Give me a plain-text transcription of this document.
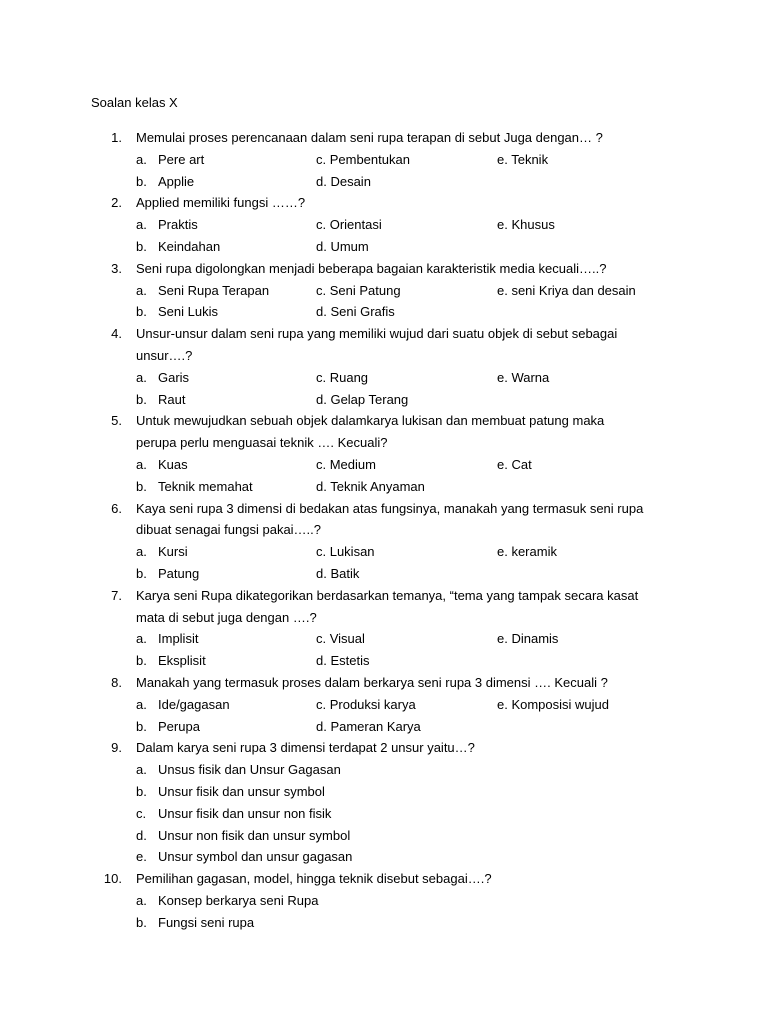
Soalan kelas X
1. Memulai proses perencanaan dalam seni rupa terapan di sebut Juga dengan… ?
a. Pere art	c. Pembentukan	e. Teknik
b. Applie	d. Desain
2. Applied memiliki fungsi ……?
a. Praktis	c. Orientasi	e. Khusus
b. Keindahan	d. Umum
3. Seni rupa digolongkan menjadi beberapa bagaian karakteristik media kecuali…..?
a. Seni Rupa Terapan	c. Seni Patung	e. seni Kriya dan desain
b. Seni Lukis	d. Seni Grafis
4. Unsur-unsur dalam seni rupa yang memiliki wujud dari suatu objek di sebut sebagai
unsur….?
a. Garis	c. Ruang	e. Warna
b. Raut	d. Gelap Terang
5. Untuk mewujudkan sebuah objek dalamkarya lukisan dan membuat patung maka
perupa perlu menguasai teknik …. Kecuali?
a. Kuas	c. Medium	e. Cat
b. Teknik memahat	d. Teknik Anyaman
6. Kaya seni rupa 3 dimensi di bedakan atas fungsinya, manakah yang termasuk seni rupa
dibuat senagai fungsi pakai…..?
a. Kursi	c. Lukisan	e. keramik
b. Patung	d. Batik
7. Karya seni Rupa dikategorikan berdasarkan temanya, “tema yang tampak secara kasat
mata di sebut juga dengan ….?
a. Implisit	c. Visual	e. Dinamis
b. Eksplisit	d. Estetis
8. Manakah yang termasuk proses dalam berkarya seni rupa 3 dimensi …. Kecuali ?
a. Ide/gagasan	c. Produksi karya	e. Komposisi wujud
b. Perupa	d. Pameran Karya
9. Dalam karya seni rupa 3 dimensi terdapat 2 unsur yaitu…?
a. Unsus fisik dan Unsur Gagasan
b. Unsur fisik dan unsur symbol
c. Unsur fisik dan unsur non fisik
d. Unsur non fisik dan unsur symbol
e. Unsur symbol dan unsur gagasan
10. Pemilihan gagasan, model, hingga teknik disebut sebagai….?
a. Konsep berkarya seni Rupa
b. Fungsi seni rupa
